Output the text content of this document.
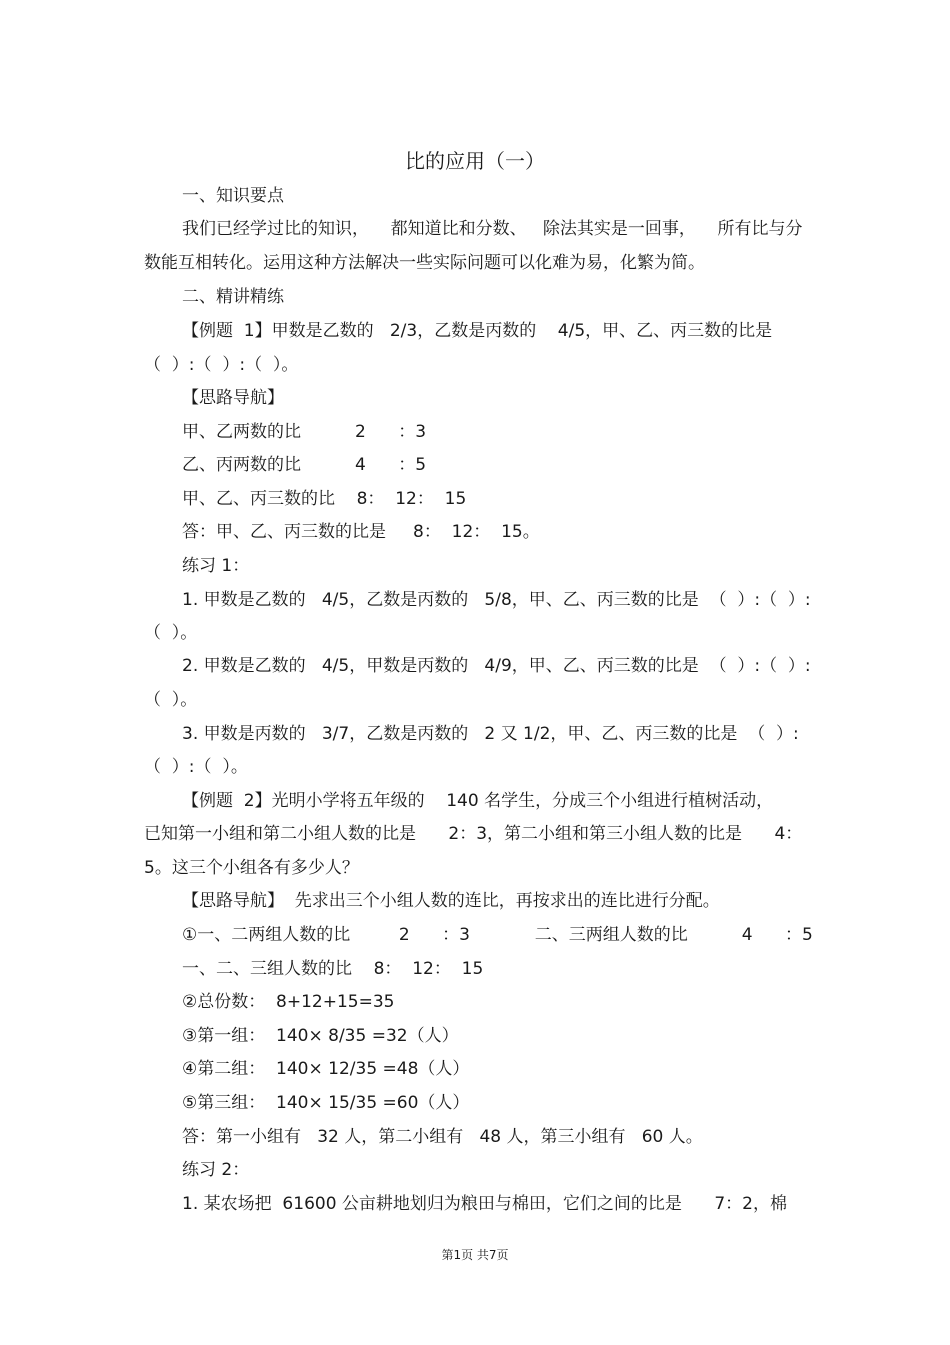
比的应用（一）
一、知识要点
我们已经学过比的知识，    都知道比和分数、   除法其实是一回事，    所有比与分
数能互相转化。运用这种方法解决一些实际问题可以化难为易，化繁为简。
二、精讲精练
【例题  1】甲数是乙数的   2/3，乙数是丙数的    4/5，甲、乙、丙三数的比是
（  ）:（  ）:（  ）。
【思路导航】
甲、乙两数的比          2      ：3
乙、丙两数的比          4      ：5
甲、乙、丙三数的比    8：  12：  15
答：甲、乙、丙三数的比是     8：  12：  15。
练习 1：
1. 甲数是乙数的   4/5，乙数是丙数的   5/8，甲、乙、丙三数的比是  （  ）:（  ）:
（  ）。
2. 甲数是乙数的   4/5，甲数是丙数的   4/9，甲、乙、丙三数的比是  （  ）:（  ）:
（  ）。
3. 甲数是丙数的   3/7，乙数是丙数的   2 又 1/2，甲、乙、丙三数的比是  （  ）:
（  ）:（  ）。
【例题  2】光明小学将五年级的    140 名学生，分成三个小组进行植树活动，
已知第一小组和第二小组人数的比是      2：3，第二小组和第三小组人数的比是      4：
5。这三个小组各有多少人？
【思路导航】  先求出三个小组人数的连比，再按求出的连比进行分配。
①一、二两组人数的比         2      ：3            二、三两组人数的比          4      ：5
一、二、三组人数的比    8：  12：  15
②总份数：  8+12+15=35
③第一组：  140× 8/35 =32（人）
④第二组：  140× 12/35 =48（人）
⑤第三组：  140× 15/35 =60（人）
答：第一小组有   32 人，第二小组有   48 人，第三小组有   60 人。
练习 2：
1. 某农场把  61600 公亩耕地划归为粮田与棉田，它们之间的比是      7：2，棉
第1页 共7页
